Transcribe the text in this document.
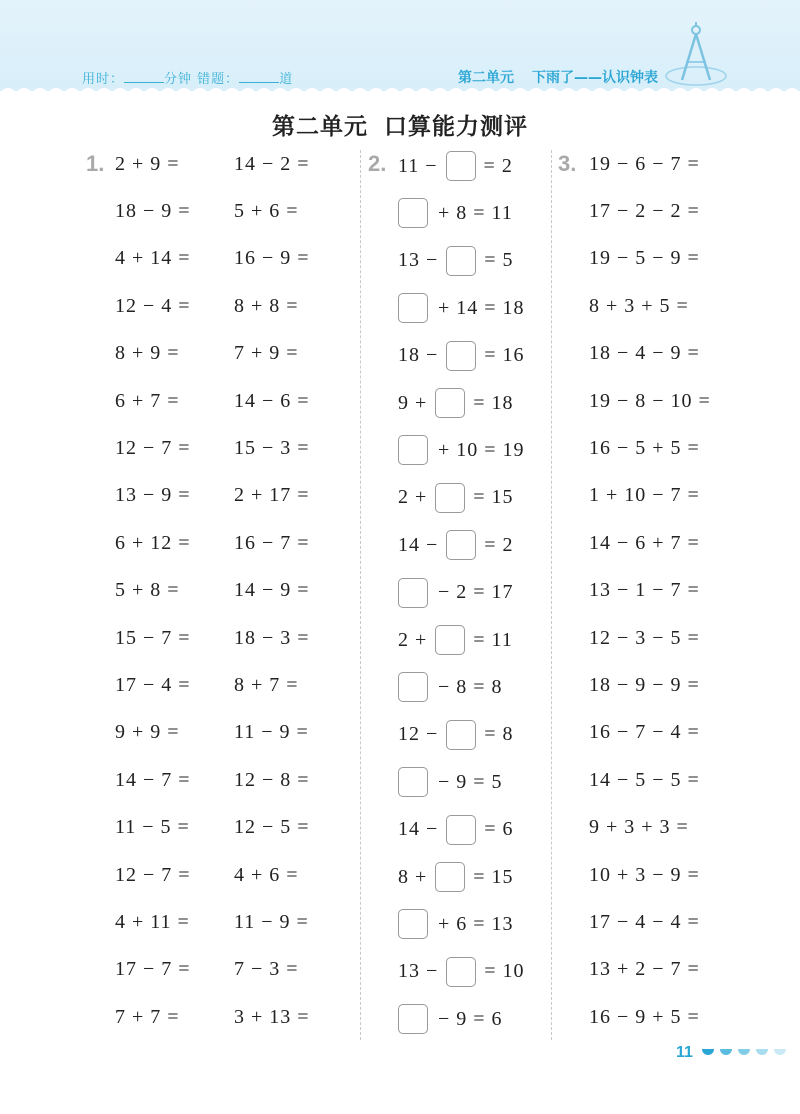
用时：	分钟 错题：	道	第二单元 下雨了——认识钟表
第二单元 口算能力测评
1.	2.	3.
2 + 9 =	14 − 2 =
18 − 9 = 5 + 6 =
4 + 14 = 16 − 9 =
12 − 4 = 8 + 8 =
8 + 9 =	7 + 9 =
6 + 7 =	14 − 6 =
12 − 7 = 15 − 3 =
13 − 9 = 2 + 17 =
6 + 12 = 16 − 7 =
5 + 8 =	14 − 9 =
15 − 7 = 18 − 3 =
17 − 4 = 8 + 7 =
9 + 9 =	11 − 9 =
14 − 7 = 12 − 8 =
11 − 5 = 12 − 5 =
12 − 7 = 4 + 6 =
4 + 11 = 11 − 9 =
17 − 7 = 7 − 3 =
7 + 7 =	3 + 13 =
11 − = 2
+ 8 = 11
13 − = 5
+ 14 = 18
18 − = 16
9 + = 18
+ 10 = 19
2 + = 15
14 − = 2
− 2 = 17
2 + = 11
− 8 = 8
12 − = 8
− 9 = 5
14 − = 6
8 + = 15
+ 6 = 13
13 − = 10
− 9 = 6
19 − 6 − 7 =
17 − 2 − 2 =
19 − 5 − 9 =
8 + 3 + 5 =
18 − 4 − 9 =
19 − 8 − 10 =
16 − 5 + 5 =
1 + 10 − 7 =
14 − 6 + 7 =
13 − 1 − 7 =
12 − 3 − 5 =
18 − 9 − 9 =
16 − 7 − 4 =
14 − 5 − 5 =
9 + 3 + 3 =
10 + 3 − 9 =
17 − 4 − 4 =
13 + 2 − 7 =
16 − 9 + 5 =
11
